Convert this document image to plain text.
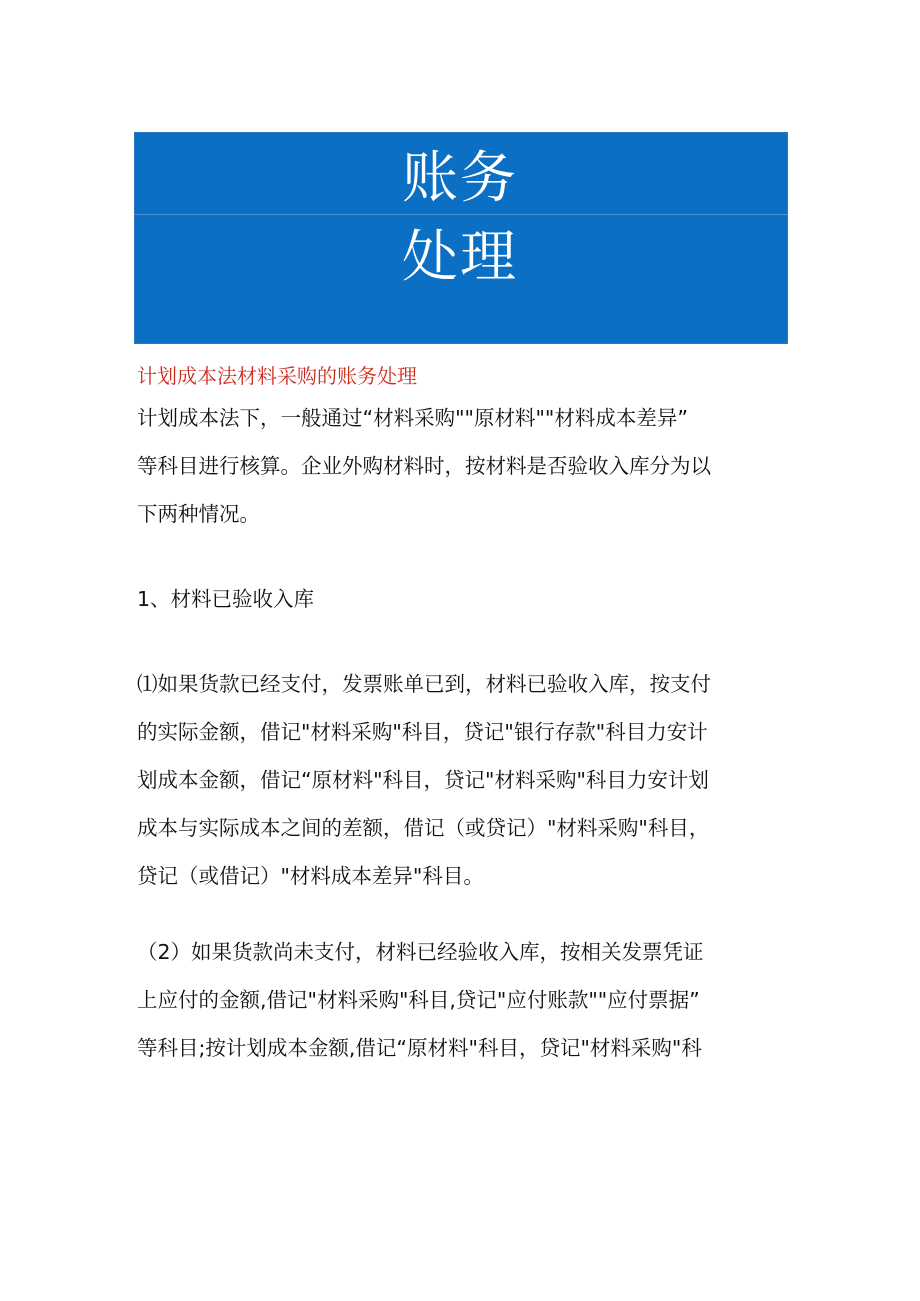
账务
处理
计划成本法材料采购的账务处理

计划成本法下，一般通过“材料采购""原材料""材料成本差异”

等科目进行核算。企业外购材料时，按材料是否验收入库分为以

下两种情况。

1、材料已验收入库

⑴如果货款已经支付，发票账单已到，材料已验收入库，按支付

的实际金额，借记"材料采购"科目，贷记"银行存款"科目力安计

划成本金额，借记“原材料"科目，贷记"材料采购"科目力安计划

成本与实际成本之间的差额，借记（或贷记）"材料采购"科目，

贷记（或借记）"材料成本差异"科目。

（2）如果货款尚未支付，材料已经验收入库，按相关发票凭证

上应付的金额,借记"材料采购"科目,贷记"应付账款""应付票据”

等科目;按计划成本金额,借记“原材料"科目，贷记"材料采购"科
